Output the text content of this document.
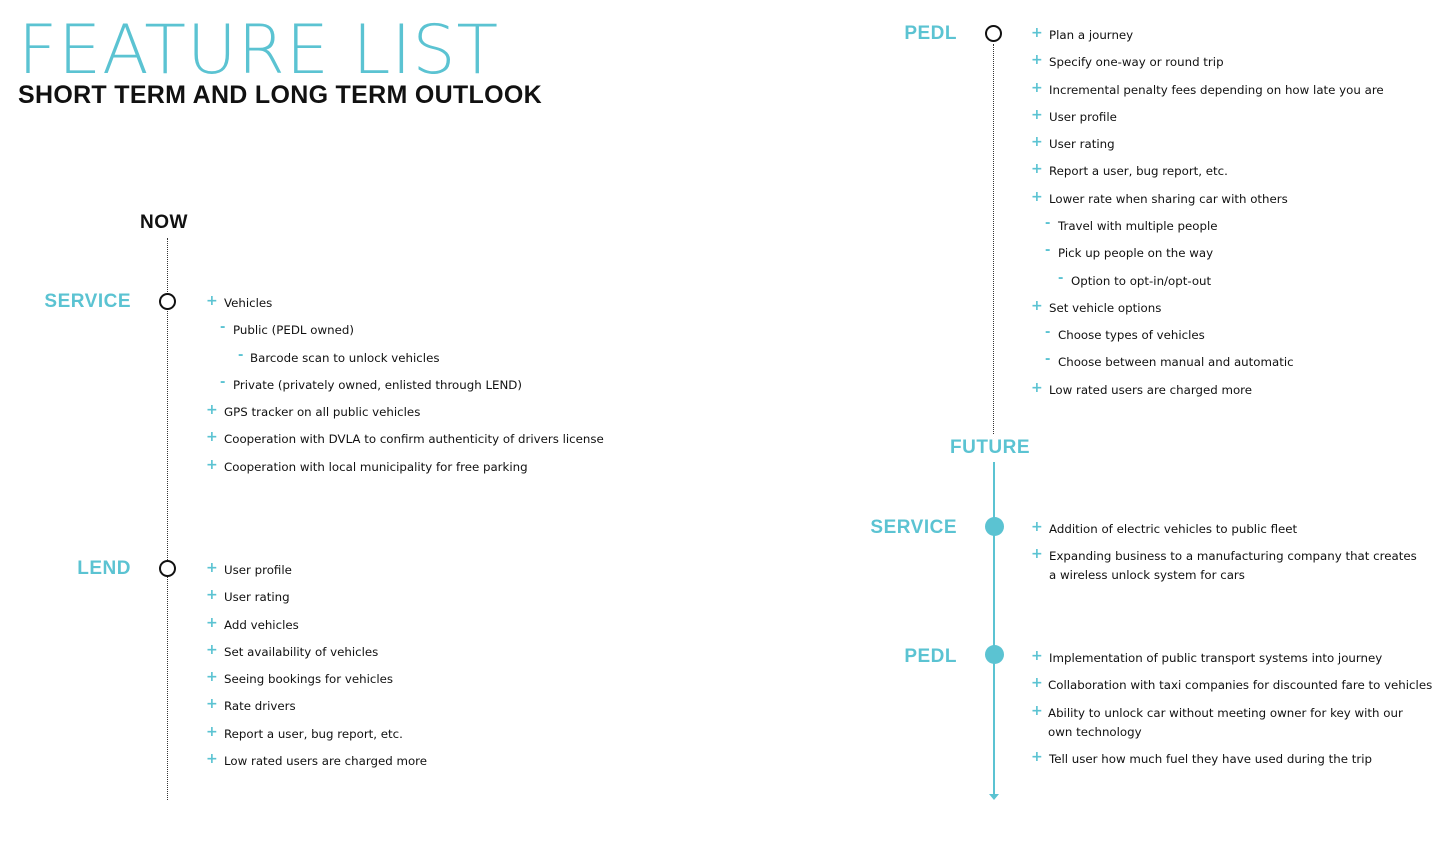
FEATURE LIST
SHORT TERM AND LONG TERM OUTLOOK
NOW
SERVICE
LEND
+ Vehicles
- Public (PEDL owned)
- Barcode scan to unlock vehicles
- Private (privately owned, enlisted through LEND)
+ GPS tracker on all public vehicles
+ Cooperation with DVLA to confirm authenticity of drivers license
+ Cooperation with local municipality for free parking
+ User profile
+ User rating
+ Add vehicles
+ Set availability of vehicles
+ Seeing bookings for vehicles
+ Rate drivers
+ Report a user, bug report, etc.
+ Low rated users are charged more
PEDL	+ Plan a journey
+ Specify one-way or round trip
+ Incremental penalty fees depending on how late you are
+ User profile
+ User rating
+ Report a user, bug report, etc.
+ Lower rate when sharing car with others
- Travel with multiple people
- Pick up people on the way
- Option to opt-in/opt-out
+ Set vehicle options
- Choose types of vehicles
- Choose between manual and automatic
+ Low rated users are charged more
FUTURE
SERVICE
PEDL
+ Addition of electric vehicles to public fleet
+ Expanding business to a manufacturing company that creates a wireless unlock system for cars
+ Implementation of public transport systems into journey
+ Collaboration with taxi companies for discounted fare to vehicles
+ Ability to unlock car without meeting owner for key with our own technology
+ Tell user how much fuel they have used during the trip
